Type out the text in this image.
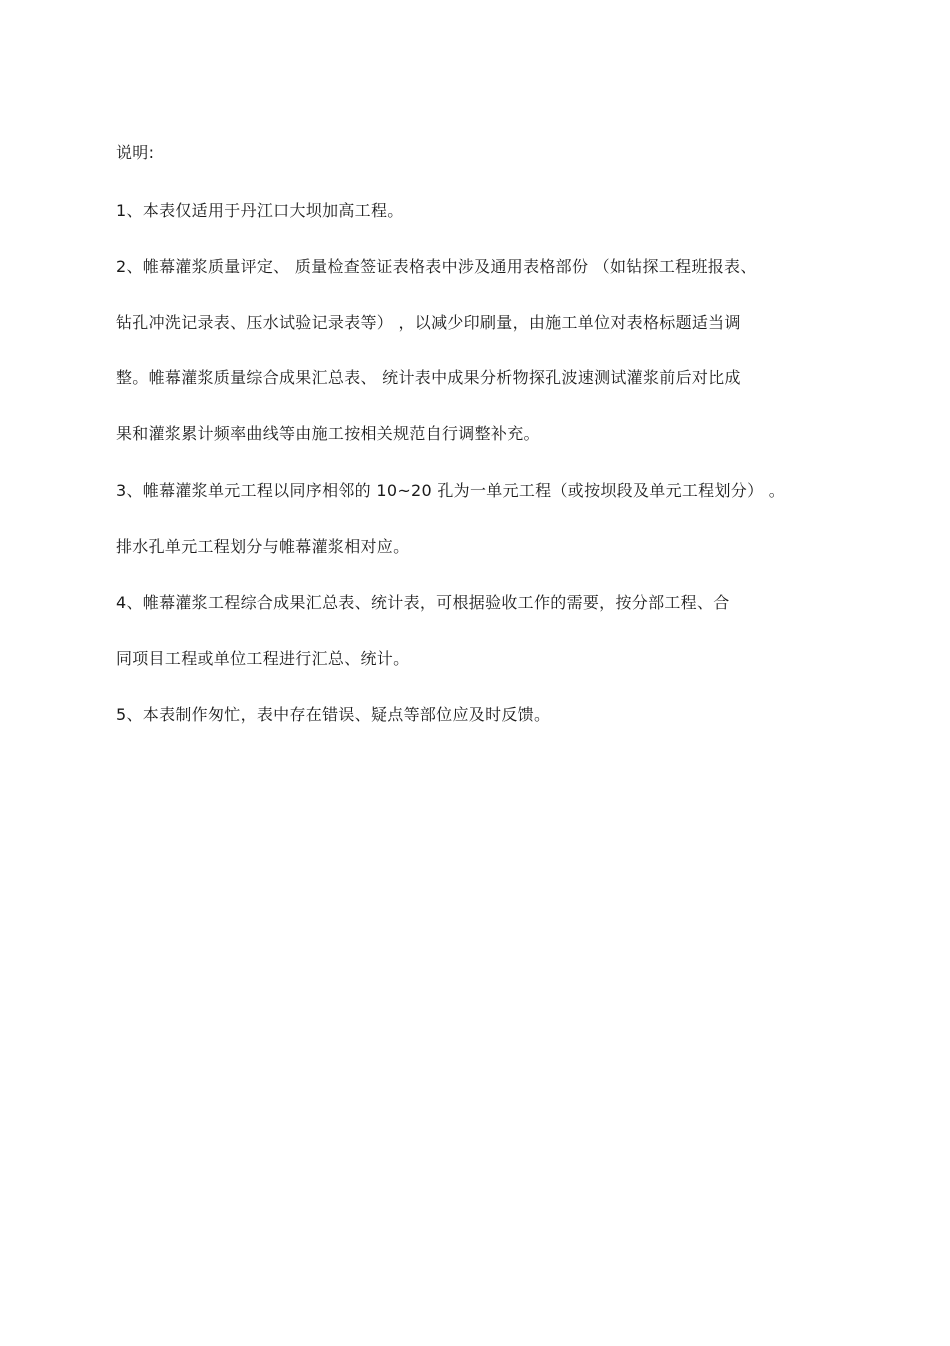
说明:
1、本表仅适用于丹江口大坝加高工程。
2、帷幕灌浆质量评定、 质量检查签证表格表中涉及通用表格部份 （如钻探工程班报表、
钻孔冲洗记录表、压水试验记录表等） ，以减少印刷量，由施工单位对表格标题适当调
整。帷幕灌浆质量综合成果汇总表、 统计表中成果分析物探孔波速测试灌浆前后对比成
果和灌浆累计频率曲线等由施工按相关规范自行调整补充。
3、帷幕灌浆单元工程以同序相邻的 10~20 孔为一单元工程（或按坝段及单元工程划分） 。
排水孔单元工程划分与帷幕灌浆相对应。
4、帷幕灌浆工程综合成果汇总表、统计表，可根据验收工作的需要，按分部工程、合
同项目工程或单位工程进行汇总、统计。
5、本表制作匆忙，表中存在错误、疑点等部位应及时反馈。
